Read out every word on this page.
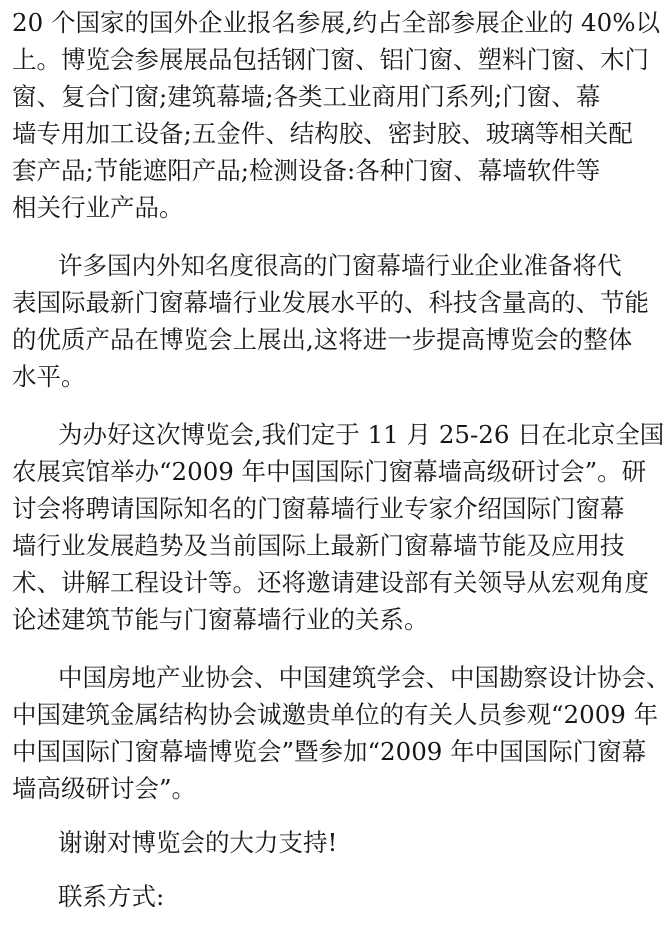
20 个国家的国外企业报名参展,约占全部参展企业的 40%以
上。博览会参展展品包括钢门窗、铝门窗、塑料门窗、木门
窗、复合门窗;建筑幕墙;各类工业商用门系列;门窗、幕
墙专用加工设备;五金件、结构胶、密封胶、玻璃等相关配
套产品;节能遮阳产品;检测设备:各种门窗、幕墙软件等
相关行业产品。
许多国内外知名度很高的门窗幕墙行业企业准备将代
表国际最新门窗幕墙行业发展水平的、科技含量高的、节能
的优质产品在博览会上展出,这将进一步提高博览会的整体
水平。
为办好这次博览会,我们定于 11 月 25-26 日在北京全国
农展宾馆举办“2009 年中国国际门窗幕墙高级研讨会”。研
讨会将聘请国际知名的门窗幕墙行业专家介绍国际门窗幕
墙行业发展趋势及当前国际上最新门窗幕墙节能及应用技
术、讲解工程设计等。还将邀请建设部有关领导从宏观角度
论述建筑节能与门窗幕墙行业的关系。
中国房地产业协会、中国建筑学会、中国勘察设计协会、
中国建筑金属结构协会诚邀贵单位的有关人员参观“2009 年
中国国际门窗幕墙博览会”暨参加“2009 年中国国际门窗幕
墙高级研讨会”。
谢谢对博览会的大力支持!
联系方式:
